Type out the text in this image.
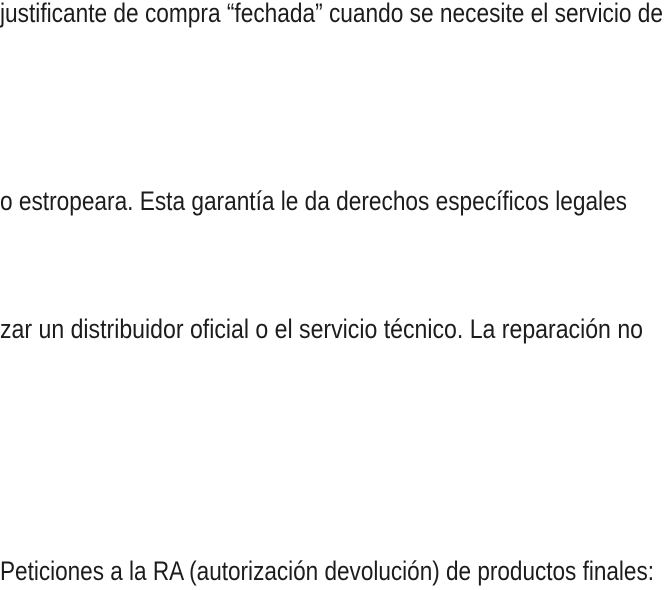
justificante de compra “fechada” cuando se necesite el servicio de
o estropeara. Esta garantía le da derechos específicos legales
zar un distribuidor oficial o el servicio técnico. La reparación no
Peticiones a la RA (autorización devolución) de productos finales:
